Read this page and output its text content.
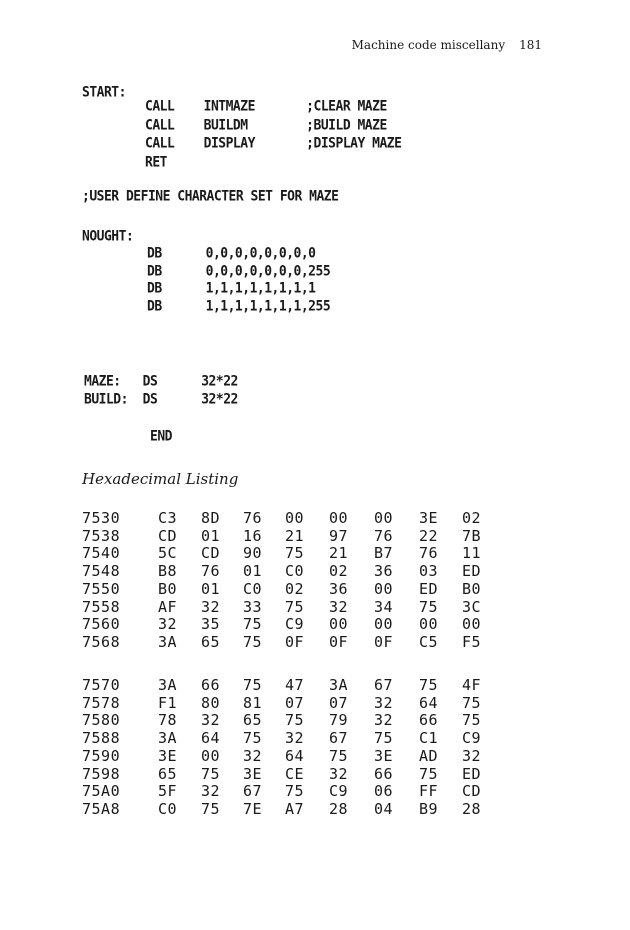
Machine code miscellany 181
START:
CALL    INTMAZE       ;CLEAR MAZE
CALL    BUILDM        ;BUILD MAZE
CALL    DISPLAY       ;DISPLAY MAZE
RET
;USER DEFINE CHARACTER SET FOR MAZE
NOUGHT:
DB      0,0,0,0,0,0,0,0
DB      0,0,0,0,0,0,0,255
DB      1,1,1,1,1,1,1,1
DB      1,1,1,1,1,1,1,255
MAZE:   DS      32*22
BUILD:  DS      32*22
END
Hexadecimal Listing
7530	C3 8D 76 00 00 00 3E 02
7538	CD 01 16 21 97 76 22 7B
7540	5C CD 90 75 21 B7 76 11
7548	B8 76 01 C0 02 36 03 ED
7550	B0 01 C0 02 36 00 ED B0
7558	AF 32 33 75 32 34 75 3C
7560	32 35 75 C9 00 00 00 00
7568	3A 65 75 0F 0F 0F C5 F5
7570	3A 66 75 47 3A 67 75 4F
7578	F1 80 81 07 07 32 64 75
7580	78 32 65 75 79 32 66 75
7588	3A 64 75 32 67 75 C1 C9
7590	3E 00 32 64 75 3E AD 32
7598	65 75 3E CE 32 66 75 ED
75A0	5F 32 67 75 C9 06 FF CD
75A8	C0 75 7E A7 28 04 B9 28
